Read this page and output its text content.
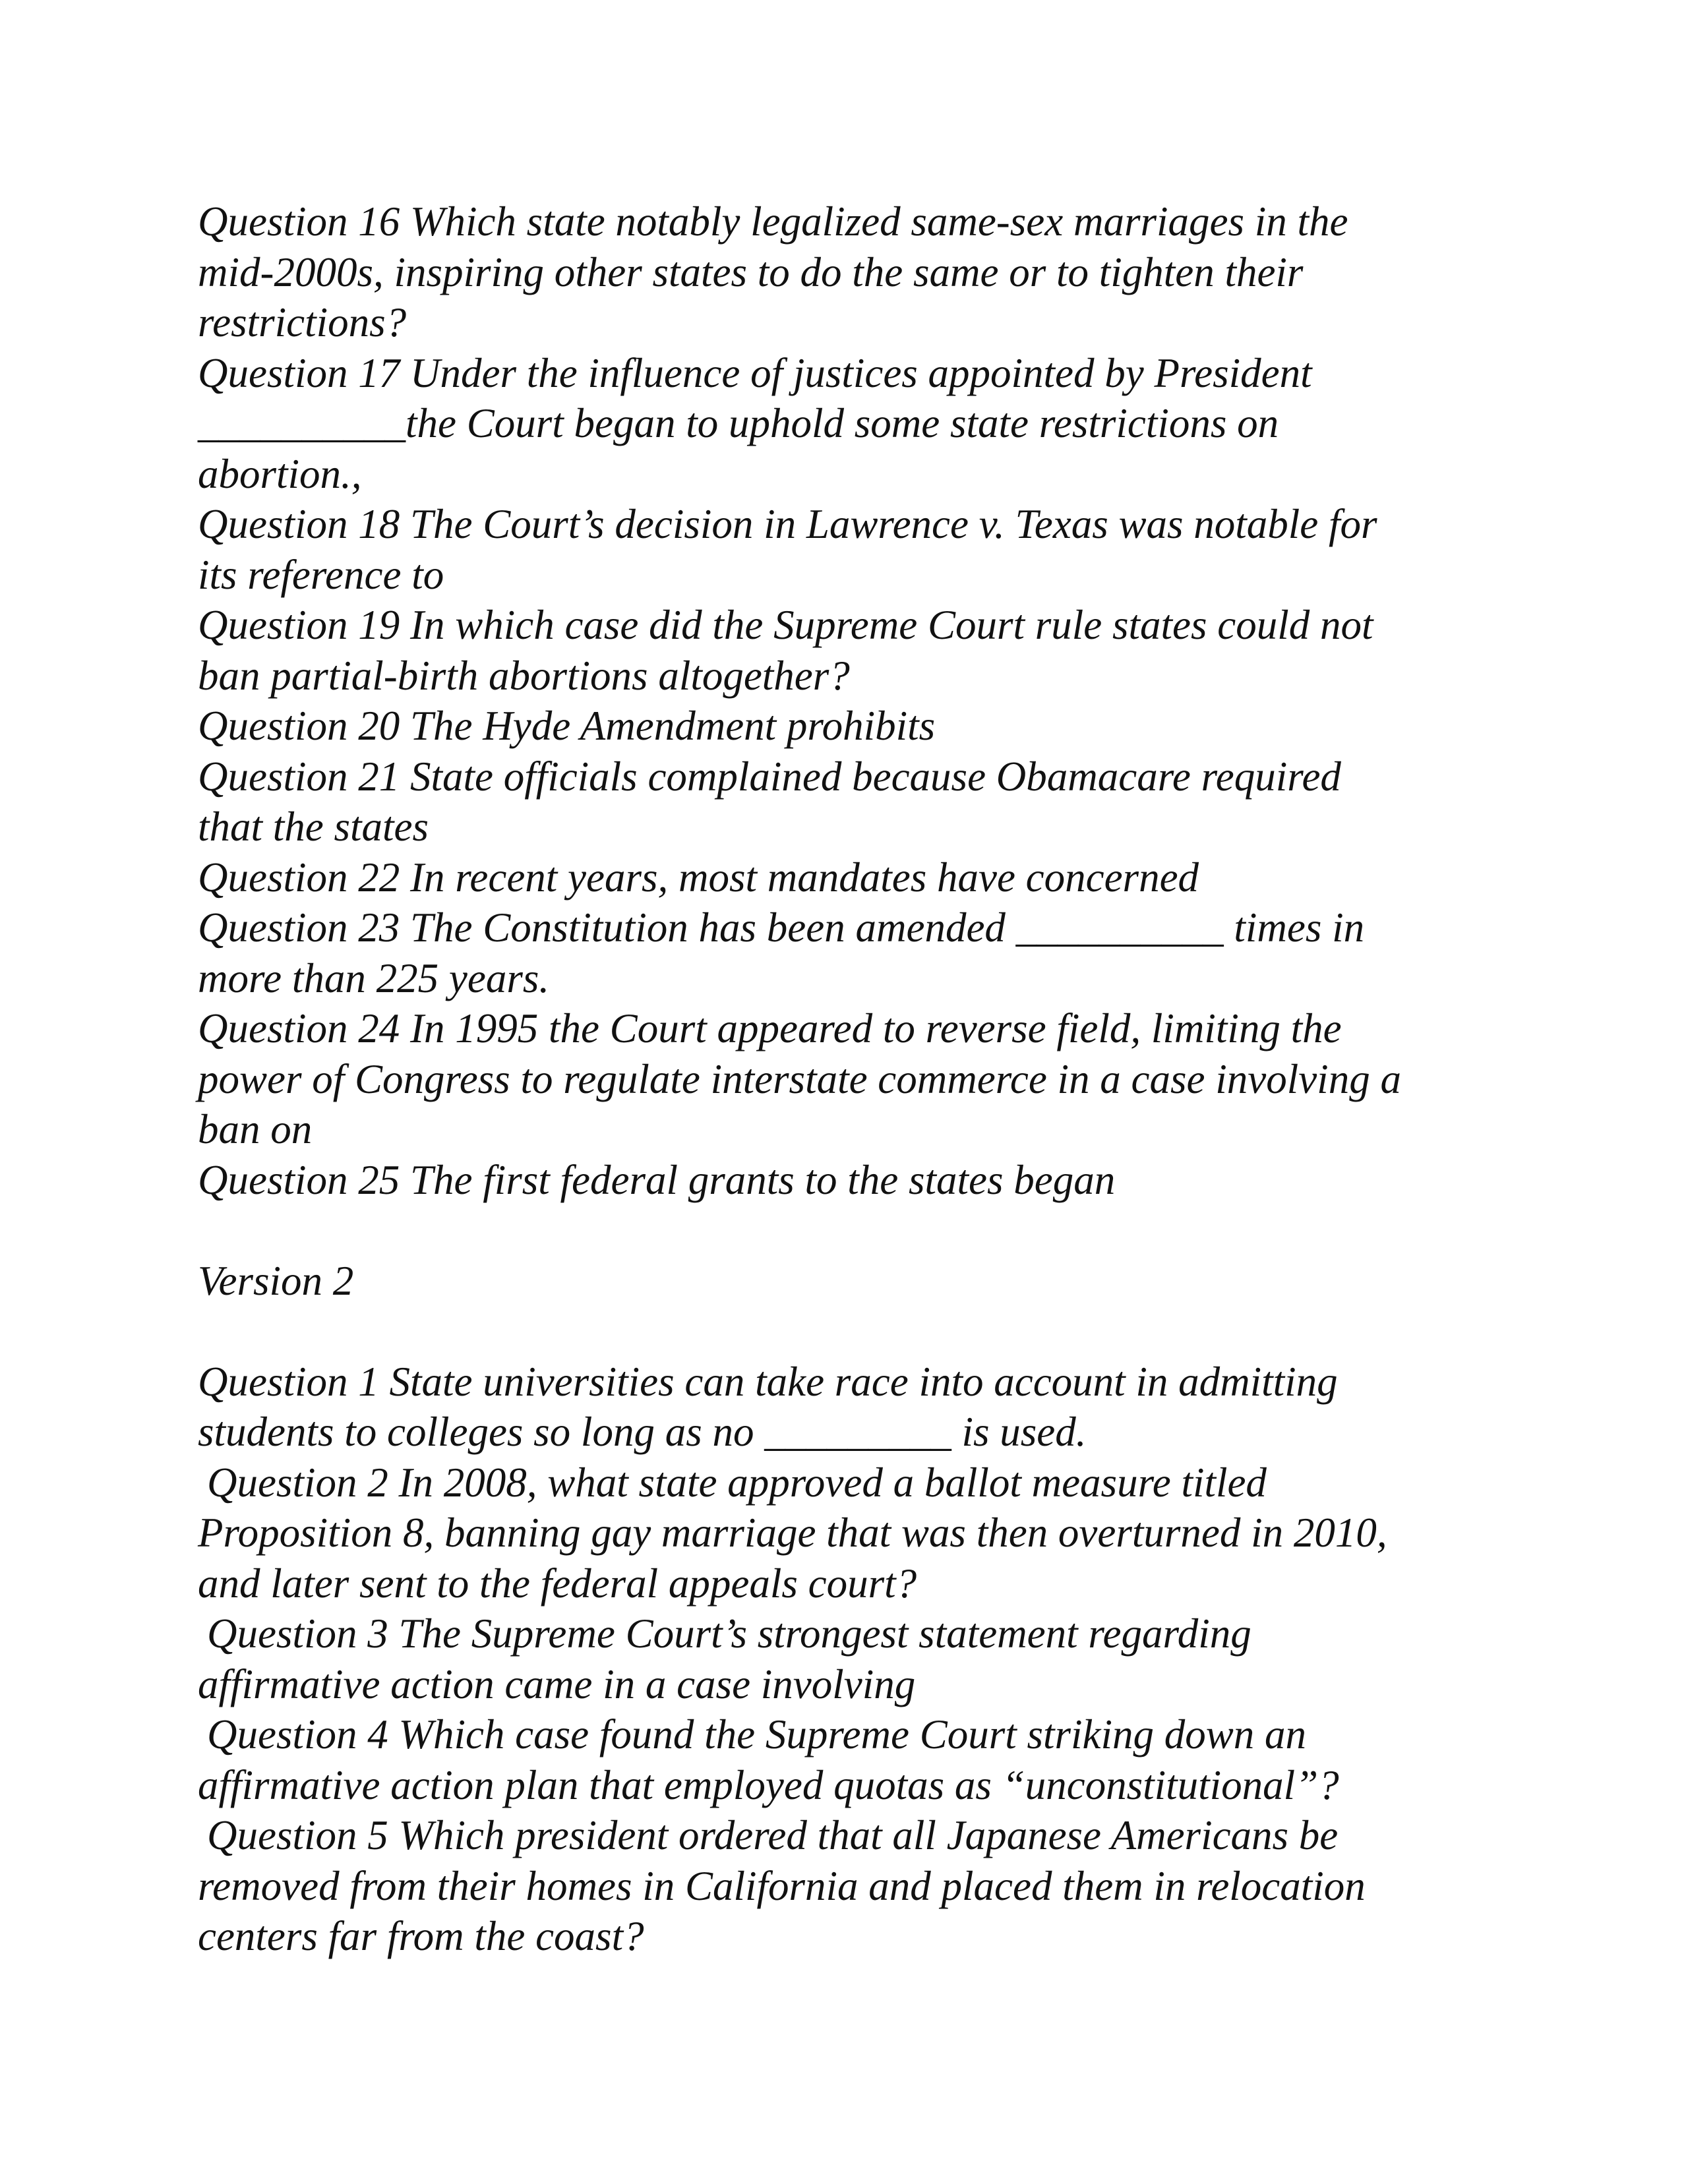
Question 16 Which state notably legalized same-sex marriages in the
mid-2000s, inspiring other states to do the same or to tighten their
restrictions?
Question 17 Under the influence of justices appointed by President
__________the Court began to uphold some state restrictions on
abortion.,
Question 18 The Court’s decision in Lawrence v. Texas was notable for
its reference to
Question 19 In which case did the Supreme Court rule states could not
ban partial-birth abortions altogether?
Question 20 The Hyde Amendment prohibits
Question 21 State officials complained because Obamacare required
that the states
Question 22 In recent years, most mandates have concerned
Question 23 The Constitution has been amended __________ times in
more than 225 years.
Question 24 In 1995 the Court appeared to reverse field, limiting the
power of Congress to regulate interstate commerce in a case involving a
ban on
Question 25 The first federal grants to the states began
Version 2
Question 1 State universities can take race into account in admitting
students to colleges so long as no _________ is used.
Question 2 In 2008, what state approved a ballot measure titled
Proposition 8, banning gay marriage that was then overturned in 2010,
and later sent to the federal appeals court?
Question 3 The Supreme Court’s strongest statement regarding
affirmative action came in a case involving
Question 4 Which case found the Supreme Court striking down an
affirmative action plan that employed quotas as “unconstitutional”?
Question 5 Which president ordered that all Japanese Americans be
removed from their homes in California and placed them in relocation
centers far from the coast?
